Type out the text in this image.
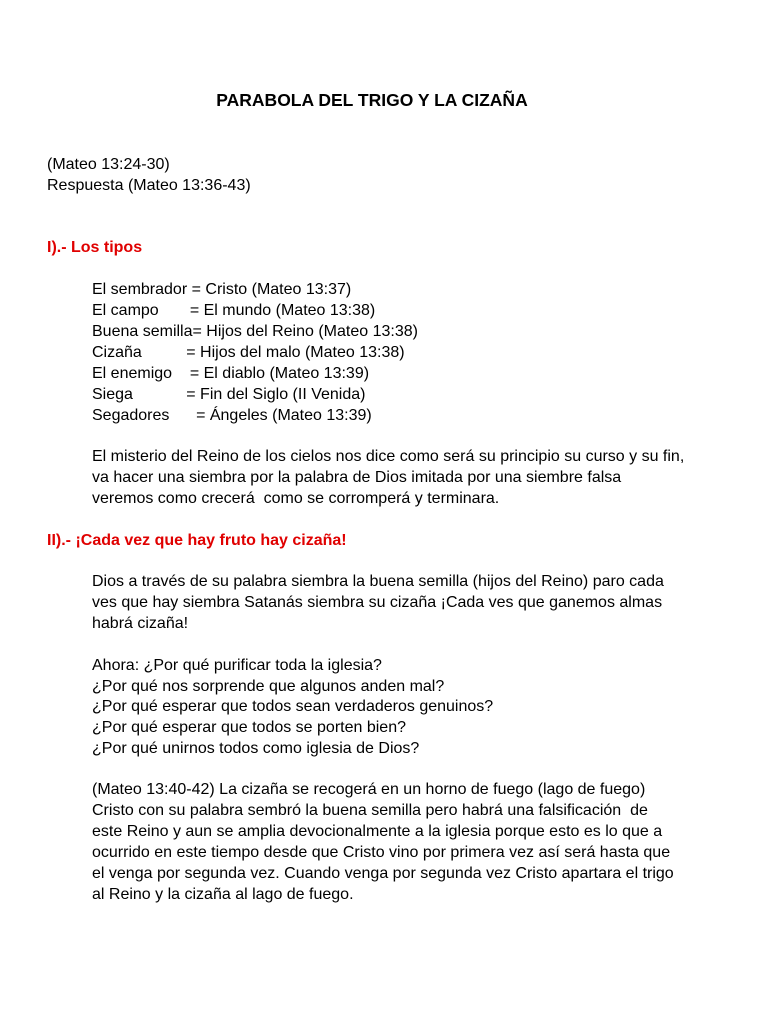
PARABOLA DEL TRIGO Y LA CIZAÑA
(Mateo 13:24-30)
Respuesta (Mateo 13:36-43)
I).- Los tipos
El sembrador = Cristo (Mateo 13:37)
El campo       = El mundo (Mateo 13:38)
Buena semilla= Hijos del Reino (Mateo 13:38)
Cizaña          = Hijos del malo (Mateo 13:38)
El enemigo    = El diablo (Mateo 13:39)
Siega            = Fin del Siglo (II Venida)
Segadores      = Ángeles (Mateo 13:39)
El misterio del Reino de los cielos nos dice como será su principio su curso y su fin,
va hacer una siembra por la palabra de Dios imitada por una siembre falsa
veremos como crecerá  como se corromperá y terminara.
II).- ¡Cada vez que hay fruto hay cizaña!
Dios a través de su palabra siembra la buena semilla (hijos del Reino) paro cada
ves que hay siembra Satanás siembra su cizaña ¡Cada ves que ganemos almas
habrá cizaña!
Ahora: ¿Por qué purificar toda la iglesia?
¿Por qué nos sorprende que algunos anden mal?
¿Por qué esperar que todos sean verdaderos genuinos?
¿Por qué esperar que todos se porten bien?
¿Por qué unirnos todos como iglesia de Dios?
(Mateo 13:40-42) La cizaña se recogerá en un horno de fuego (lago de fuego)
Cristo con su palabra sembró la buena semilla pero habrá una falsificación  de
este Reino y aun se amplia devocionalmente a la iglesia porque esto es lo que a
ocurrido en este tiempo desde que Cristo vino por primera vez así será hasta que
el venga por segunda vez. Cuando venga por segunda vez Cristo apartara el trigo
al Reino y la cizaña al lago de fuego.
